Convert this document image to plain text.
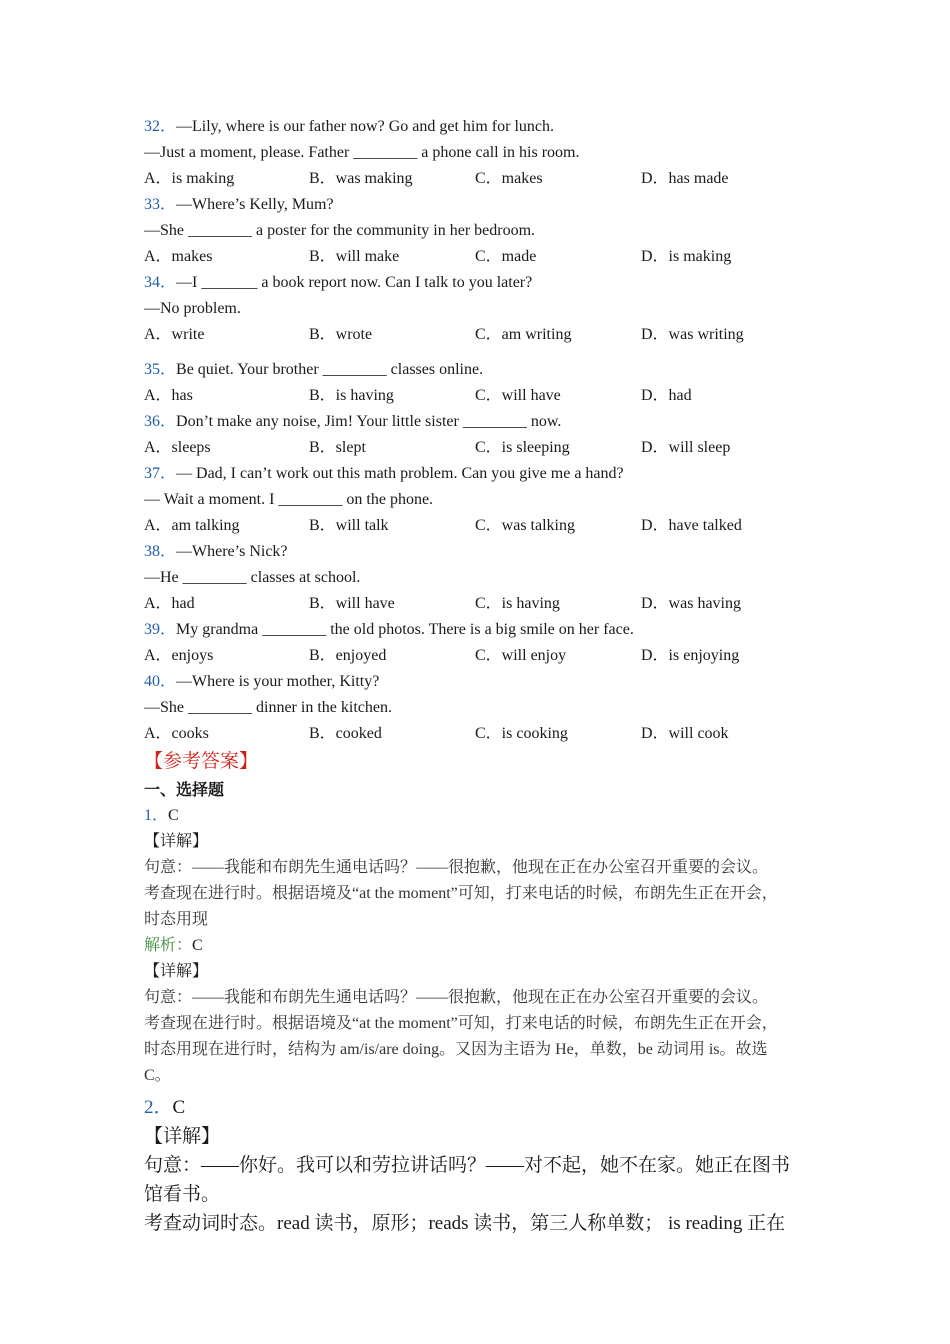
32．—Lily, where is our father now? Go and get him for lunch.
—Just a moment, please. Father ________ a phone call in his room.
A．is making	B．was making	C．makes	D．has made
33．—Where’s Kelly, Mum?
—She ________ a poster for the community in her bedroom.
A．makes	B．will make	C．made	D．is making
34．—I _______ a book report now. Can I talk to you later?
—No problem.
A．write	B．wrote	C．am writing	D．was writing
35．Be quiet. Your brother ________ classes online.
A．has	B．is having	C．will have	D．had
36．Don’t make any noise, Jim! Your little sister ________ now.
A．sleeps	B．slept	C．is sleeping	D．will sleep
37．— Dad, I can’t work out this math problem. Can you give me a hand?
— Wait a moment. I ________ on the phone.
A．am talking	B．will talk	C．was talking	D．have talked
38．—Where’s Nick?
—He ________ classes at school.
A．had	B．will have	C．is having	D．was having
39．My grandma ________ the old photos. There is a big smile on her face.
A．enjoys	B．enjoyed	C．will enjoy	D．is enjoying
40．—Where is your mother, Kitty?
—She ________ dinner in the kitchen.
A．cooks	B．cooked	C．is cooking	D．will cook
【参考答案】
一、选择题
1．C
【详解】
句意：——我能和布朗先生通电话吗？——很抱歉，他现在正在办公室召开重要的会议。
考查现在进行时。根据语境及“at the moment”可知，打来电话的时候，布朗先生正在开会，
时态用现
解析：C
【详解】
句意：——我能和布朗先生通电话吗？——很抱歉，他现在正在办公室召开重要的会议。
考查现在进行时。根据语境及“at the moment”可知，打来电话的时候，布朗先生正在开会，
时态用现在进行时，结构为 am/is/are doing。又因为主语为 He，单数，be 动词用 is。故选
C。
2．C
【详解】
句意：——你好。我可以和劳拉讲话吗？——对不起，她不在家。她正在图书
馆看书。
考查动词时态。read 读书，原形；reads 读书，第三人称单数； is reading 正在
